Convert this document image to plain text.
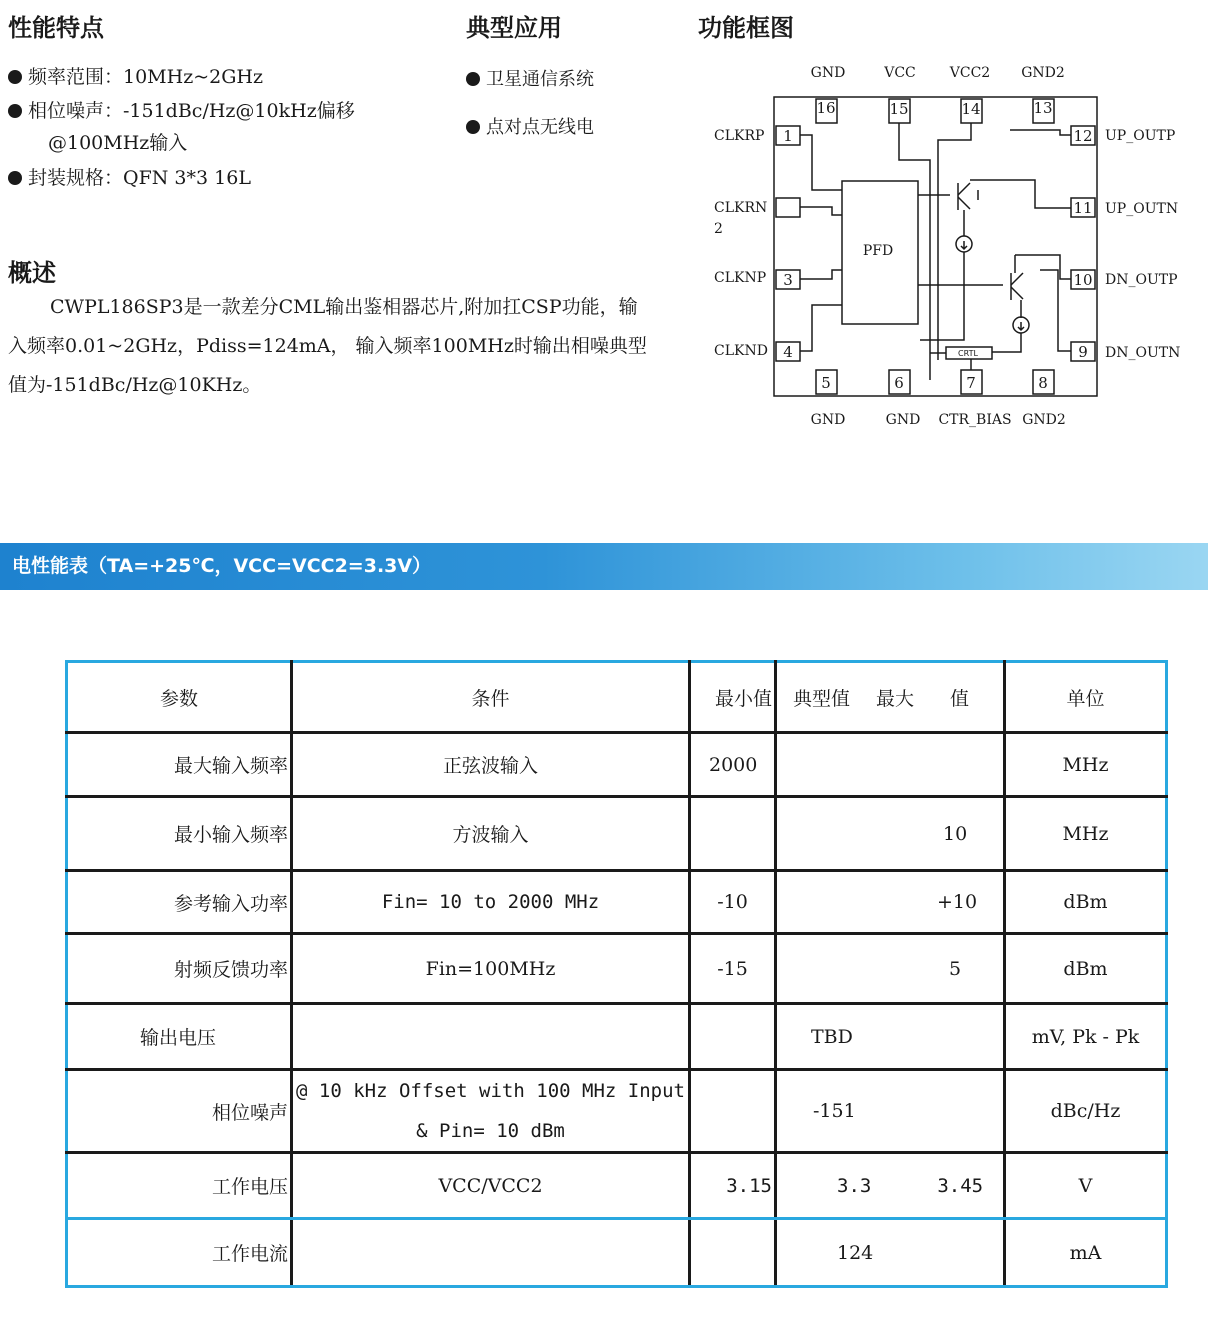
性能特点	典型应用	功能框图
频率范围：10MHz~2GHz
相位噪声：-151dBc/Hz@10kHz偏移
@100MHz输入
封装规格：QFN 3*3 16L
卫星通信系统
点对点无线电
概述
CWPL186SP3是一款差分CML输出鉴相器芯片,附加扛CSP功能，输
入频率0.01~2GHz，Pdiss=124mA， 输入频率100MHz时输出相噪典型
值为-151dBc/Hz@10KHz。
GND	VCC VCC2 GND2
GND	GND CTR_BIAS GND2
CLKRP
CLKRN
2
CLKNP
CLKND
UP_OUTP
UP_OUTN
DN_OUTP
DN_OUTN
1
3
4
5	6	7	8
9
10
11
12
13
14
15
16
PFD
CRTL
电性能表（TA=+25℃，VCC=VCC2=3.3V）
参数	条件	最小值	典型值 最大 值	单位
最大输入频率	正弦波输入	2000		MHz
最小输入频率	方波输入		10	MHz
参考输入功率	Fin= 10 to 2000 MHz	-10	+10	dBm
射频反馈功率	Fin=100MHz	-15	5	dBm
输出电压			TBD	mV, Pk - Pk
相位噪声	@ 10 kHz Offset with 100 MHz Input
& Pin= 10 dBm		-151	dBc/Hz
工作电压	VCC/VCC2	3.15	3.3 3.45	V
工作电流			124	mA
